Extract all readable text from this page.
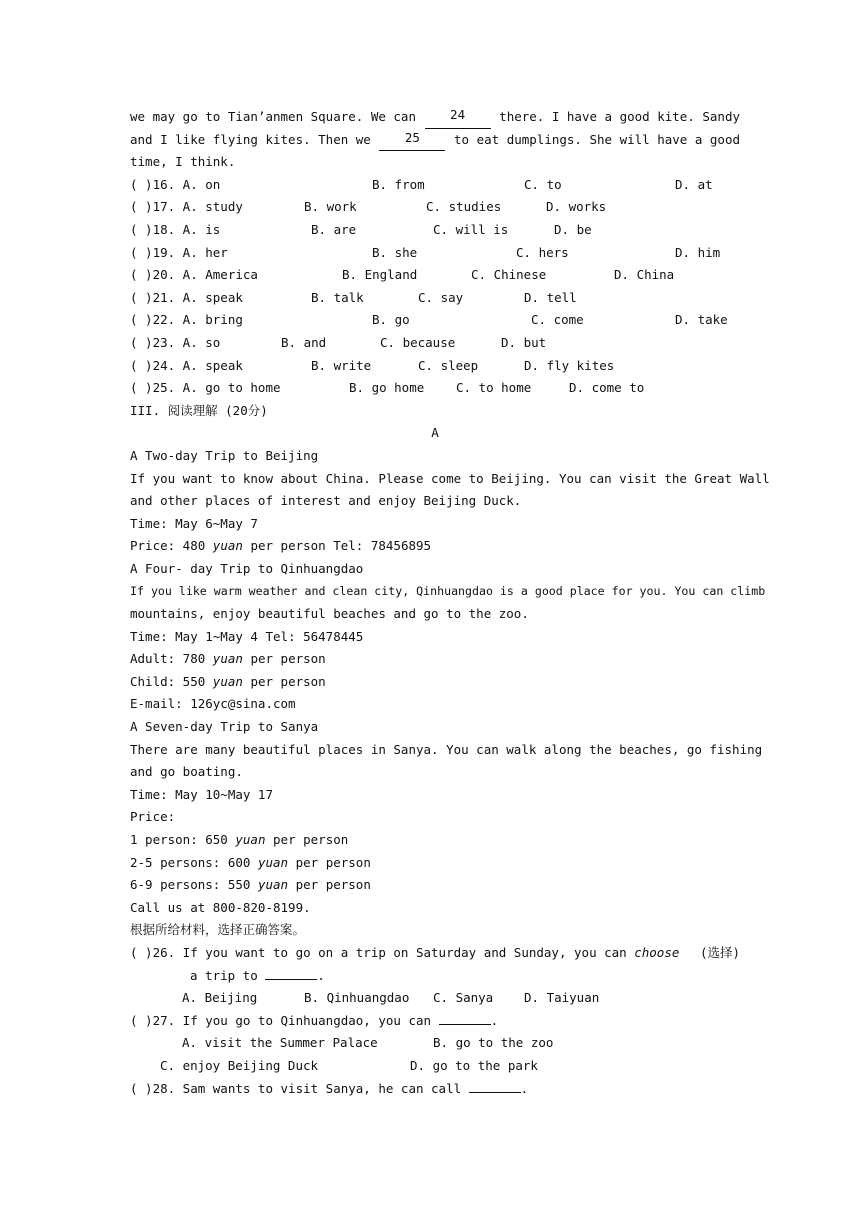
we may go to Tian’anmen Square. We can	24	there. I have a good kite. Sandy
and I like flying kites. Then we	25	to eat dumplings. She will have a good
time, I think.
( )16. A. on	B. from	C. to	D. at
( )17. A. study	B. work	C. studies	D. works
( )18. A. is	B. are	C. will is	D. be
( )19. A. her	B. she	C. hers	D. him
( )20. A. America	B. England	C. Chinese	D. China
( )21. A. speak	B. talk	C. say	D. tell
( )22. A. bring	B. go	C. come	D. take
( )23. A. so	B. and	C. because	D. but
( )24. A. speak	B. write	C. sleep	D. fly kites
( )25. A. go to home	B. go home	C. to home	D. come to
III. 阅读理解 (20分)
A
A Two-day Trip to Beijing
If you want to know about China. Please come to Beijing. You can visit the Great Wall
and other places of interest and enjoy Beijing Duck.
Time: May 6~May 7
Price: 480 yuan per person Tel: 78456895
A Four- day Trip to Qinhuangdao
If you like warm weather and clean city, Qinhuangdao is a good place for you. You can climb
mountains, enjoy beautiful beaches and go to the zoo.
Time: May 1~May 4 Tel: 56478445
Adult: 780 yuan per person
Child: 550 yuan per person
E-mail: 126yc@sina.com
A Seven-day Trip to Sanya
There are many beautiful places in Sanya. You can walk along the beaches, go fishing
and go boating.
Time: May 10~May 17
Price:
1 person: 650 yuan per person
2-5 persons: 600 yuan per person
6-9 persons: 550 yuan per person
Call us at 800-820-8199.
根据所给材料，选择正确答案。
( )26. If you want to go on a trip on Saturday and Sunday, you can choose (选择)
a trip to	.
A. Beijing	B. Qinhuangdao C. Sanya D. Taiyuan
( )27. If you go to Qinhuangdao, you can	.
A. visit the Summer Palace	B. go to the zoo
C. enjoy Beijing Duck	D. go to the park
( )28. Sam wants to visit Sanya, he can call	.
